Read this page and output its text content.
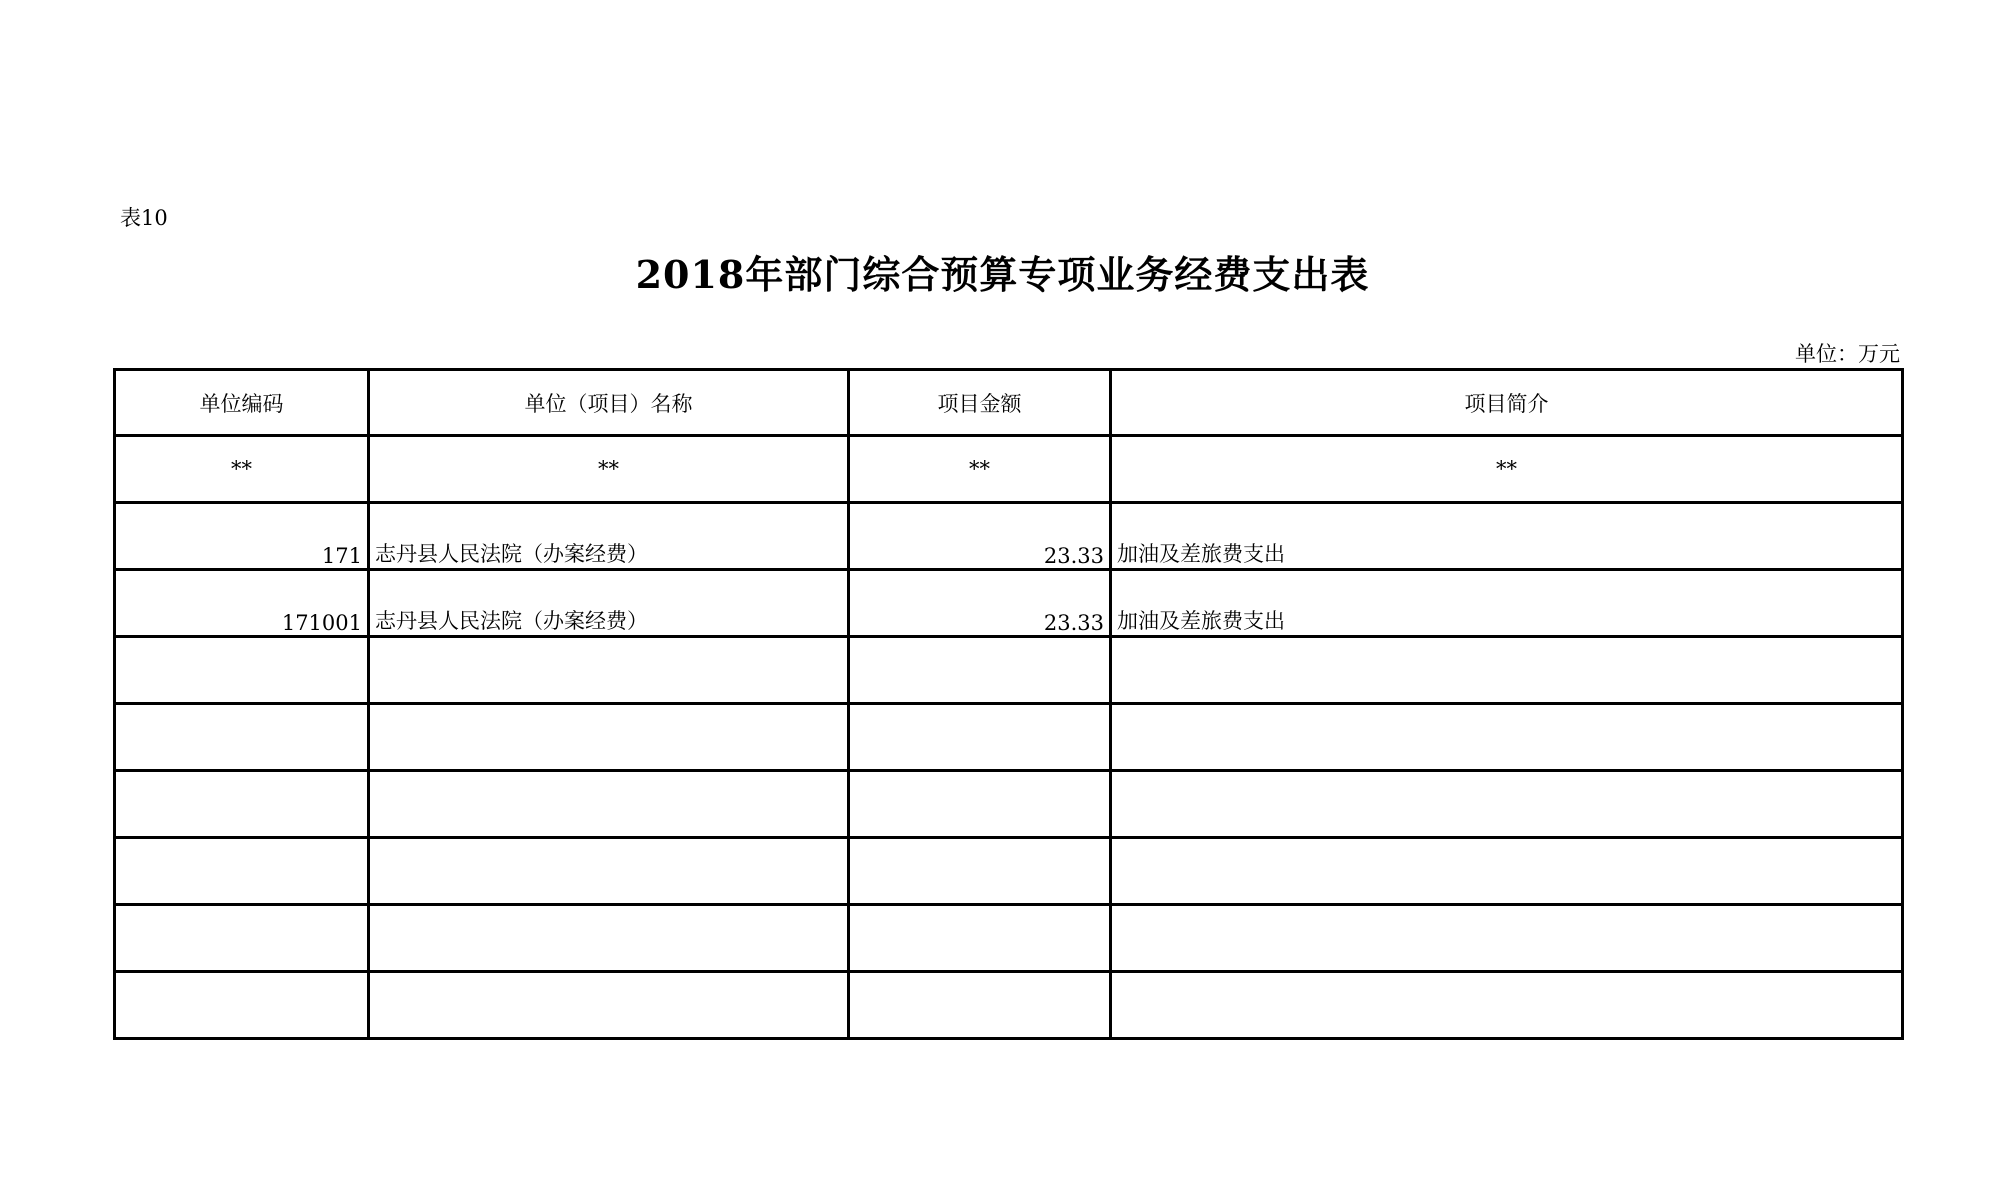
表10
2018年部门综合预算专项业务经费支出表
单位：万元
单位编码	单位（项目）名称	项目金额	项目简介
**	**	**	**
171	志丹县人民法院（办案经费）	23.33	加油及差旅费支出
171001	志丹县人民法院（办案经费）	23.33	加油及差旅费支出
